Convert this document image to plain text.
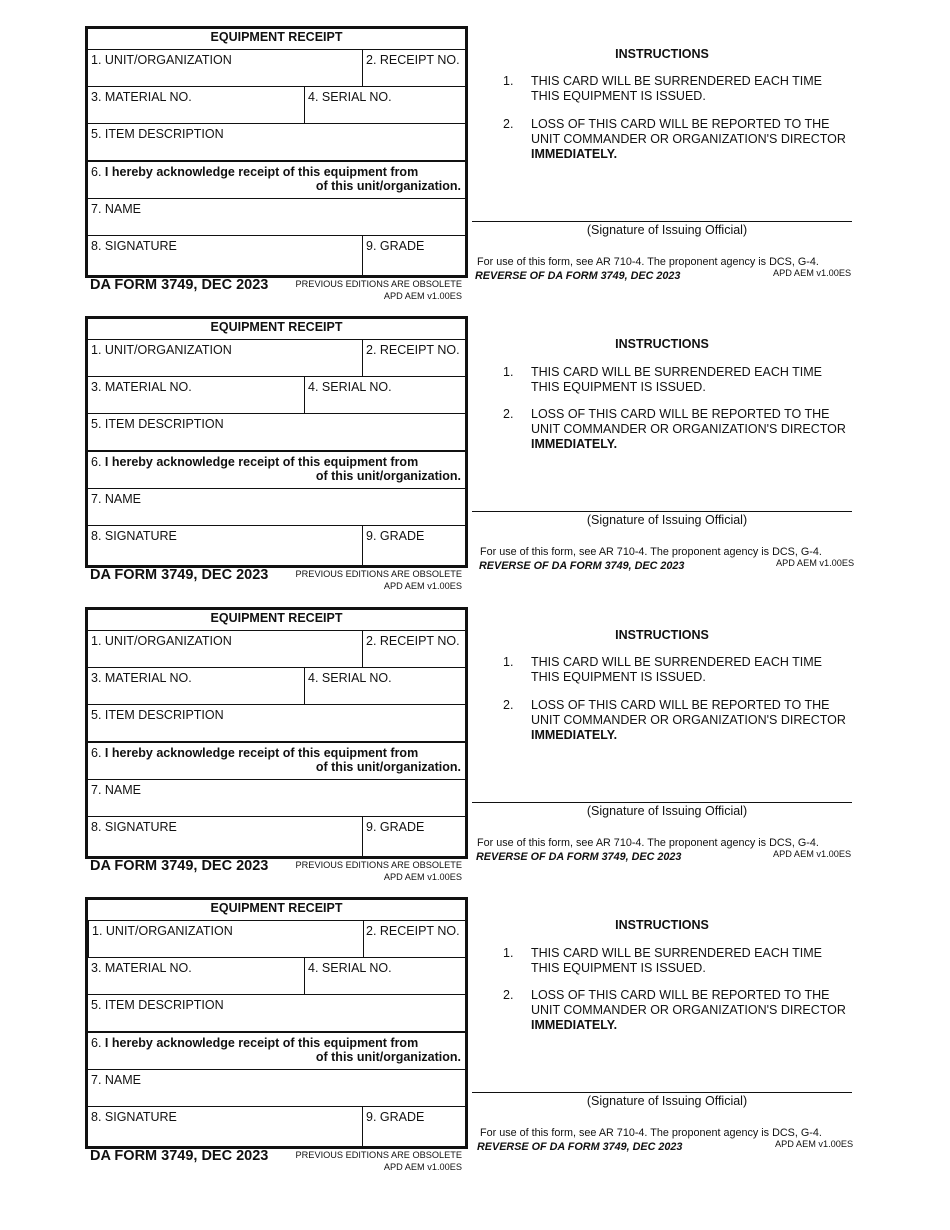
EQUIPMENT RECEIPT
1. UNIT/ORGANIZATION	2. RECEIPT NO.
3. MATERIAL NO.	4. SERIAL NO.
5. ITEM DESCRIPTION
6. I hereby acknowledge receipt of this equipment from
of this unit/organization.
7. NAME
8. SIGNATURE	9. GRADE
DA FORM 3749, DEC 2023	PREVIOUS EDITIONS ARE OBSOLETE
APD AEM v1.00ES
INSTRUCTIONS
1. THIS CARD WILL BE SURRENDERED EACH TIME
THIS EQUIPMENT IS ISSUED.
2. LOSS OF THIS CARD WILL BE REPORTED TO THE
UNIT COMMANDER OR ORGANIZATION'S DIRECTOR
IMMEDIATELY.
(Signature of Issuing Official)
For use of this form, see AR 710-4. The proponent agency is DCS, G-4.
REVERSE OF DA FORM 3749, DEC 2023	APD AEM v1.00ES
EQUIPMENT RECEIPT
1. UNIT/ORGANIZATION	2. RECEIPT NO.
3. MATERIAL NO.	4. SERIAL NO.
5. ITEM DESCRIPTION
6. I hereby acknowledge receipt of this equipment from
of this unit/organization.
7. NAME
8. SIGNATURE	9. GRADE
DA FORM 3749, DEC 2023	PREVIOUS EDITIONS ARE OBSOLETE
APD AEM v1.00ES
INSTRUCTIONS
1. THIS CARD WILL BE SURRENDERED EACH TIME
THIS EQUIPMENT IS ISSUED.
2. LOSS OF THIS CARD WILL BE REPORTED TO THE
UNIT COMMANDER OR ORGANIZATION'S DIRECTOR
IMMEDIATELY.
(Signature of Issuing Official)
For use of this form, see AR 710-4. The proponent agency is DCS, G-4.
REVERSE OF DA FORM 3749, DEC 2023	APD AEM v1.00ES
EQUIPMENT RECEIPT
1. UNIT/ORGANIZATION	2. RECEIPT NO.
3. MATERIAL NO.	4. SERIAL NO.
5. ITEM DESCRIPTION
6. I hereby acknowledge receipt of this equipment from
of this unit/organization.
7. NAME
8. SIGNATURE	9. GRADE
DA FORM 3749, DEC 2023	PREVIOUS EDITIONS ARE OBSOLETE
APD AEM v1.00ES
INSTRUCTIONS
1. THIS CARD WILL BE SURRENDERED EACH TIME
THIS EQUIPMENT IS ISSUED.
2. LOSS OF THIS CARD WILL BE REPORTED TO THE
UNIT COMMANDER OR ORGANIZATION'S DIRECTOR
IMMEDIATELY.
(Signature of Issuing Official)
For use of this form, see AR 710-4. The proponent agency is DCS, G-4.
REVERSE OF DA FORM 3749, DEC 2023	APD AEM v1.00ES
EQUIPMENT RECEIPT
1. UNIT/ORGANIZATION	2. RECEIPT NO.
3. MATERIAL NO.	4. SERIAL NO.
5. ITEM DESCRIPTION
6. I hereby acknowledge receipt of this equipment from
of this unit/organization.
7. NAME
8. SIGNATURE	9. GRADE
DA FORM 3749, DEC 2023	PREVIOUS EDITIONS ARE OBSOLETE
APD AEM v1.00ES
INSTRUCTIONS
1. THIS CARD WILL BE SURRENDERED EACH TIME
THIS EQUIPMENT IS ISSUED.
2. LOSS OF THIS CARD WILL BE REPORTED TO THE
UNIT COMMANDER OR ORGANIZATION'S DIRECTOR
IMMEDIATELY.
(Signature of Issuing Official)
For use of this form, see AR 710-4. The proponent agency is DCS, G-4.
REVERSE OF DA FORM 3749, DEC 2023	APD AEM v1.00ES
